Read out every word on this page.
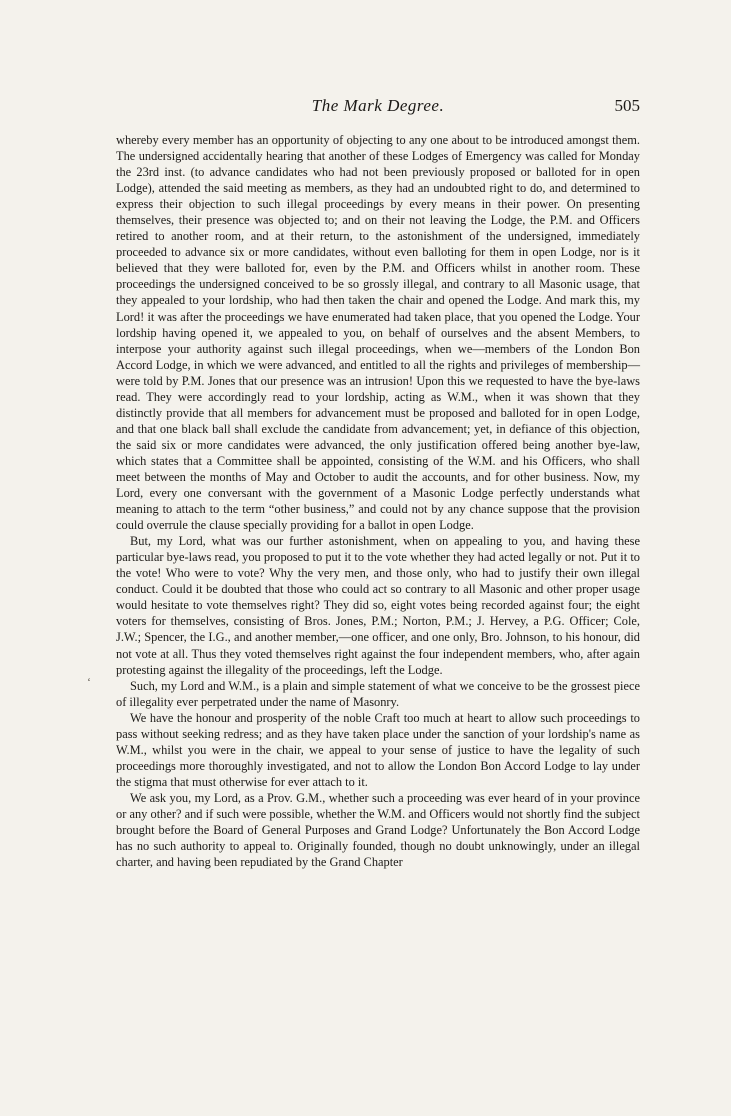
The Mark Degree.	505
‘

whereby every member has an opportunity of objecting to any one about to be introduced amongst them. The undersigned accidentally hearing that another of these Lodges of Emergency was called for Monday the 23rd inst. (to advance candidates who had not been previously proposed or balloted for in open Lodge), attended the said meeting as members, as they had an undoubted right to do, and determined to express their objection to such illegal proceedings by every means in their power. On presenting themselves, their presence was objected to; and on their not leaving the Lodge, the P.M. and Officers retired to another room, and at their return, to the astonishment of the undersigned, immediately proceeded to advance six or more candidates, without even balloting for them in open Lodge, nor is it believed that they were balloted for, even by the P.M. and Officers whilst in another room. These proceedings the undersigned conceived to be so grossly illegal, and contrary to all Masonic usage, that they appealed to your lordship, who had then taken the chair and opened the Lodge. And mark this, my Lord! it was after the proceedings we have enumerated had taken place, that you opened the Lodge. Your lordship having opened it, we appealed to you, on behalf of ourselves and the absent Members, to interpose your authority against such illegal proceedings, when we—members of the London Bon Accord Lodge, in which we were advanced, and entitled to all the rights and privileges of membership—were told by P.M. Jones that our presence was an intrusion! Upon this we requested to have the bye-laws read. They were accordingly read to your lordship, acting as W.M., when it was shown that they distinctly provide that all members for advancement must be proposed and balloted for in open Lodge, and that one black ball shall exclude the candidate from advancement; yet, in defiance of this objection, the said six or more candidates were advanced, the only justification offered being another bye-law, which states that a Committee shall be appointed, consisting of the W.M. and his Officers, who shall meet between the months of May and October to audit the accounts, and for other business. Now, my Lord, every one conversant with the government of a Masonic Lodge perfectly understands what meaning to attach to the term “other business,” and could not by any chance suppose that the provision could overrule the clause specially providing for a ballot in open Lodge.

But, my Lord, what was our further astonishment, when on appealing to you, and having these particular bye-laws read, you proposed to put it to the vote whether they had acted legally or not. Put it to the vote! Who were to vote? Why the very men, and those only, who had to justify their own illegal conduct. Could it be doubted that those who could act so contrary to all Masonic and other proper usage would hesitate to vote themselves right? They did so, eight votes being recorded against four; the eight voters for themselves, consisting of Bros. Jones, P.M.; Norton, P.M.; J. Hervey, a P.G. Officer; Cole, J.W.; Spencer, the I.G., and another member,—one officer, and one only, Bro. Johnson, to his honour, did not vote at all. Thus they voted themselves right against the four independent members, who, after again protesting against the illegality of the proceedings, left the Lodge.

Such, my Lord and W.M., is a plain and simple statement of what we conceive to be the grossest piece of illegality ever perpetrated under the name of Masonry.

We have the honour and prosperity of the noble Craft too much at heart to allow such proceedings to pass without seeking redress; and as they have taken place under the sanction of your lordship's name as W.M., whilst you were in the chair, we appeal to your sense of justice to have the legality of such proceedings more thoroughly investigated, and not to allow the London Bon Accord Lodge to lay under the stigma that must otherwise for ever attach to it.

We ask you, my Lord, as a Prov. G.M., whether such a proceeding was ever heard of in your province or any other? and if such were possible, whether the W.M. and Officers would not shortly find the subject brought before the Board of General Purposes and Grand Lodge? Unfortunately the Bon Accord Lodge has no such authority to appeal to. Originally founded, though no doubt unknowingly, under an illegal charter, and having been repudiated by the Grand Chapter
